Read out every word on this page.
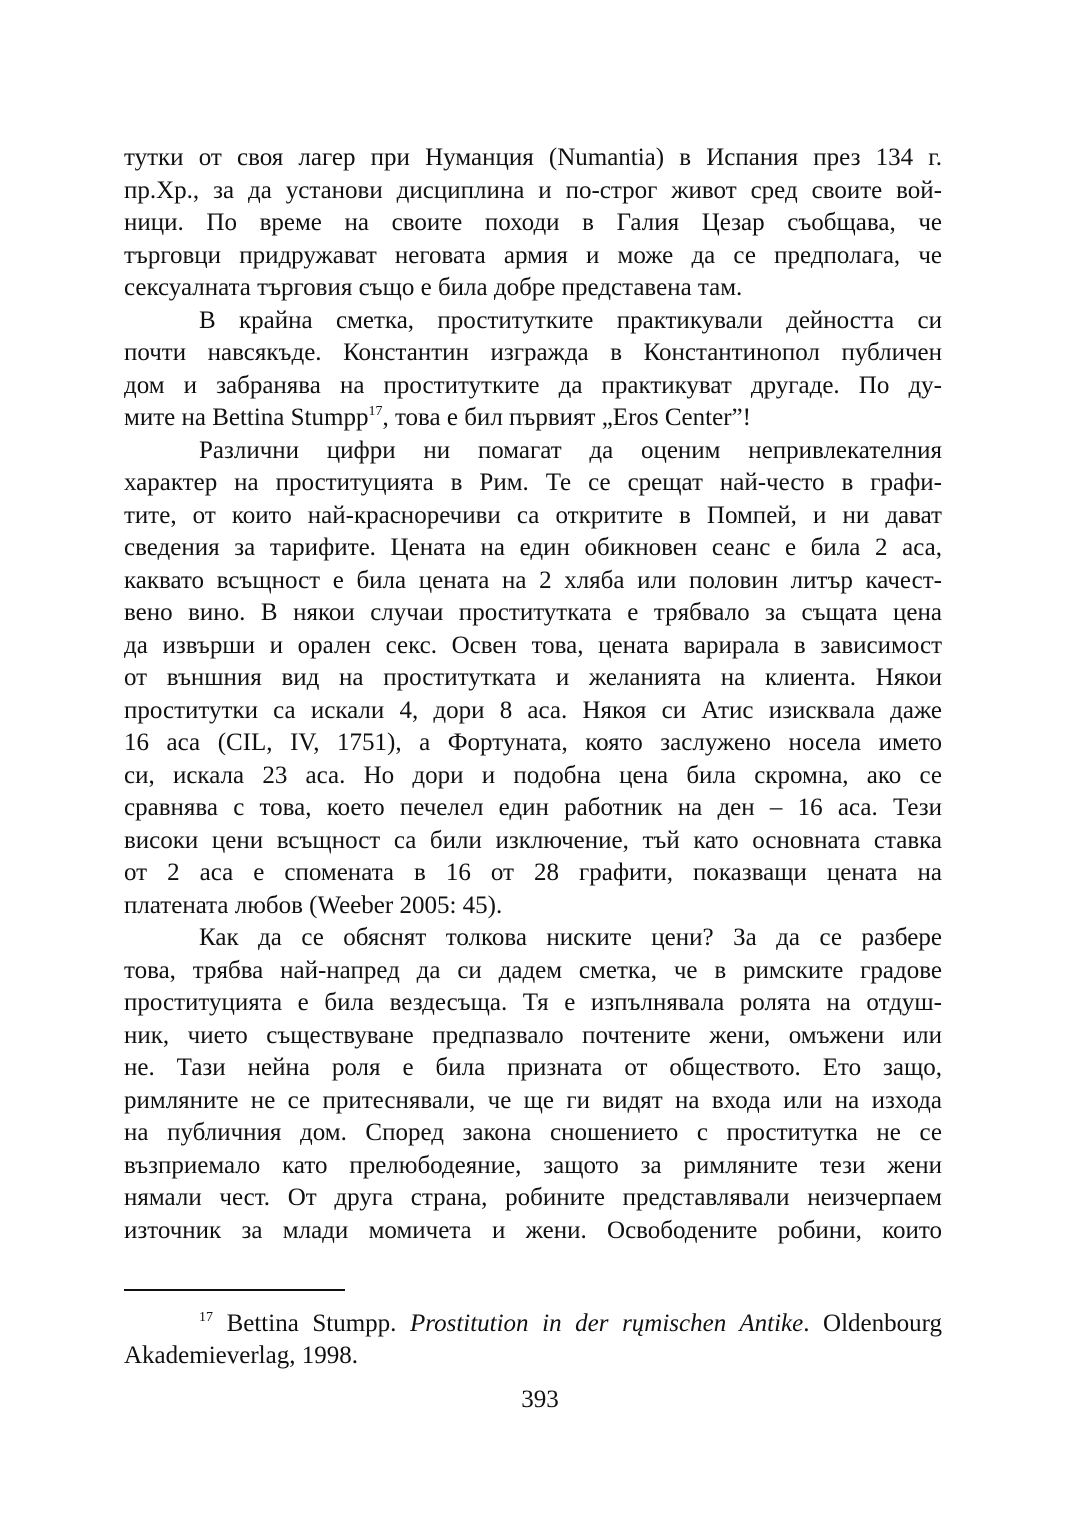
тутки от своя лагер при Нуманция (Numantia) в Испания през 134 г.
пр.Хр., за да установи дисциплина и по-строг живот сред своите вой-
ници. По време на своите походи в Галия Цезар съобщава, че
търговци придружават неговата армия и може да се предполага, че
сексуалната търговия също е била добре представена там.
В крайна сметка, проститутките практикували дейността си
почти навсякъде. Константин изгражда в Константинопол публичен
дом и забранява на проститутките да практикуват другаде. По ду-
мите на Bettina Stumpp$^{17}$, това е бил първият „Eros Center”!
Различни цифри ни помагат да оценим непривлекателния
характер на проституцията в Рим. Те се срещат най-често в графи-
тите, от които най-красноречиви са откритите в Помпей, и ни дават
сведения за тарифите. Цената на един обикновен сеанс е била 2 аса,
каквато всъщност е била цената на 2 хляба или половин литър качест-
вено вино. В някои случаи проститутката е трябвало за същата цена
да извърши и орален секс. Освен това, цената варирала в зависимост
от външния вид на проститутката и желанията на клиента. Някои
проститутки са искали 4, дори 8 аса. Някоя си Атис изисквала даже
16 аса (CIL, IV, 1751), а Фортуната, която заслужено носела името
си, искала 23 аса. Но дори и подобна цена била скромна, ако се
сравнява с това, което печелел един работник на ден – 16 аса. Тези
високи цени всъщност са били изключение, тъй като основната ставка
от 2 аса е спомената в 16 от 28 графити, показващи цената на
платената любов (Weeber 2005: 45).
Как да се обяснят толкова ниските цени? За да се разбере
това, трябва най-напред да си дадем сметка, че в римските градове
проституцията е била вездесъща. Тя е изпълнявала ролята на отдуш-
ник, чието съществуване предпазвало почтените жени, омъжени или
не. Тази нейна роля е била призната от обществото. Ето защо,
римляните не се притеснявали, че ще ги видят на входа или на изхода
на публичния дом. Според закона сношението с проститутка не се
възприемало като прелюбодеяние, защото за римляните тези жени
нямали чест. От друга страна, робините представлявали неизчерпаем
източник за млади момичета и жени. Освободените робини, които
$^{17}$ Bettina Stumpp. Prostitution in der rųmischen Antike. Oldenbourg
Akademieverlag, 1998.
393
